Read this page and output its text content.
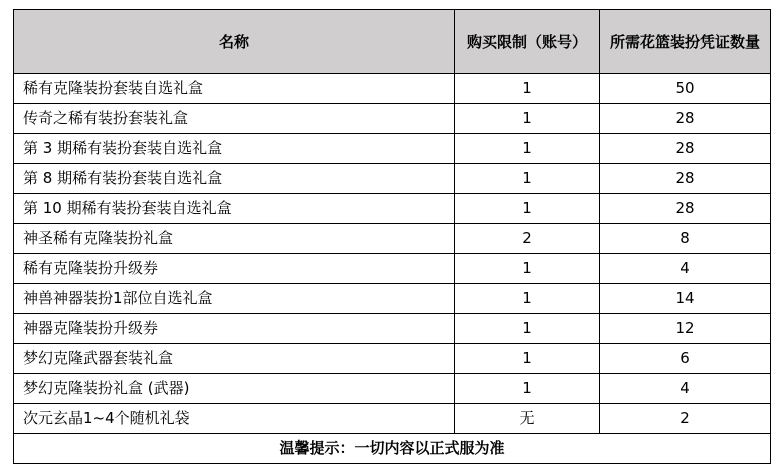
名称	购买限制（账号）	所需花篮装扮凭证数量
稀有克隆装扮套装自选礼盒	1	50
传奇之稀有装扮套装礼盒	1	28
第 3 期稀有装扮套装自选礼盒	1	28
第 8 期稀有装扮套装自选礼盒	1	28
第 10 期稀有装扮套装自选礼盒	1	28
神圣稀有克隆装扮礼盒	2	8
稀有克隆装扮升级券	1	4
神兽神器装扮1部位自选礼盒	1	14
神器克隆装扮升级券	1	12
梦幻克隆武器套装礼盒	1	6
梦幻克隆装扮礼盒 (武器)	1	4
次元玄晶1~4个随机礼袋	无	2
温馨提示：一切内容以正式服为准		
